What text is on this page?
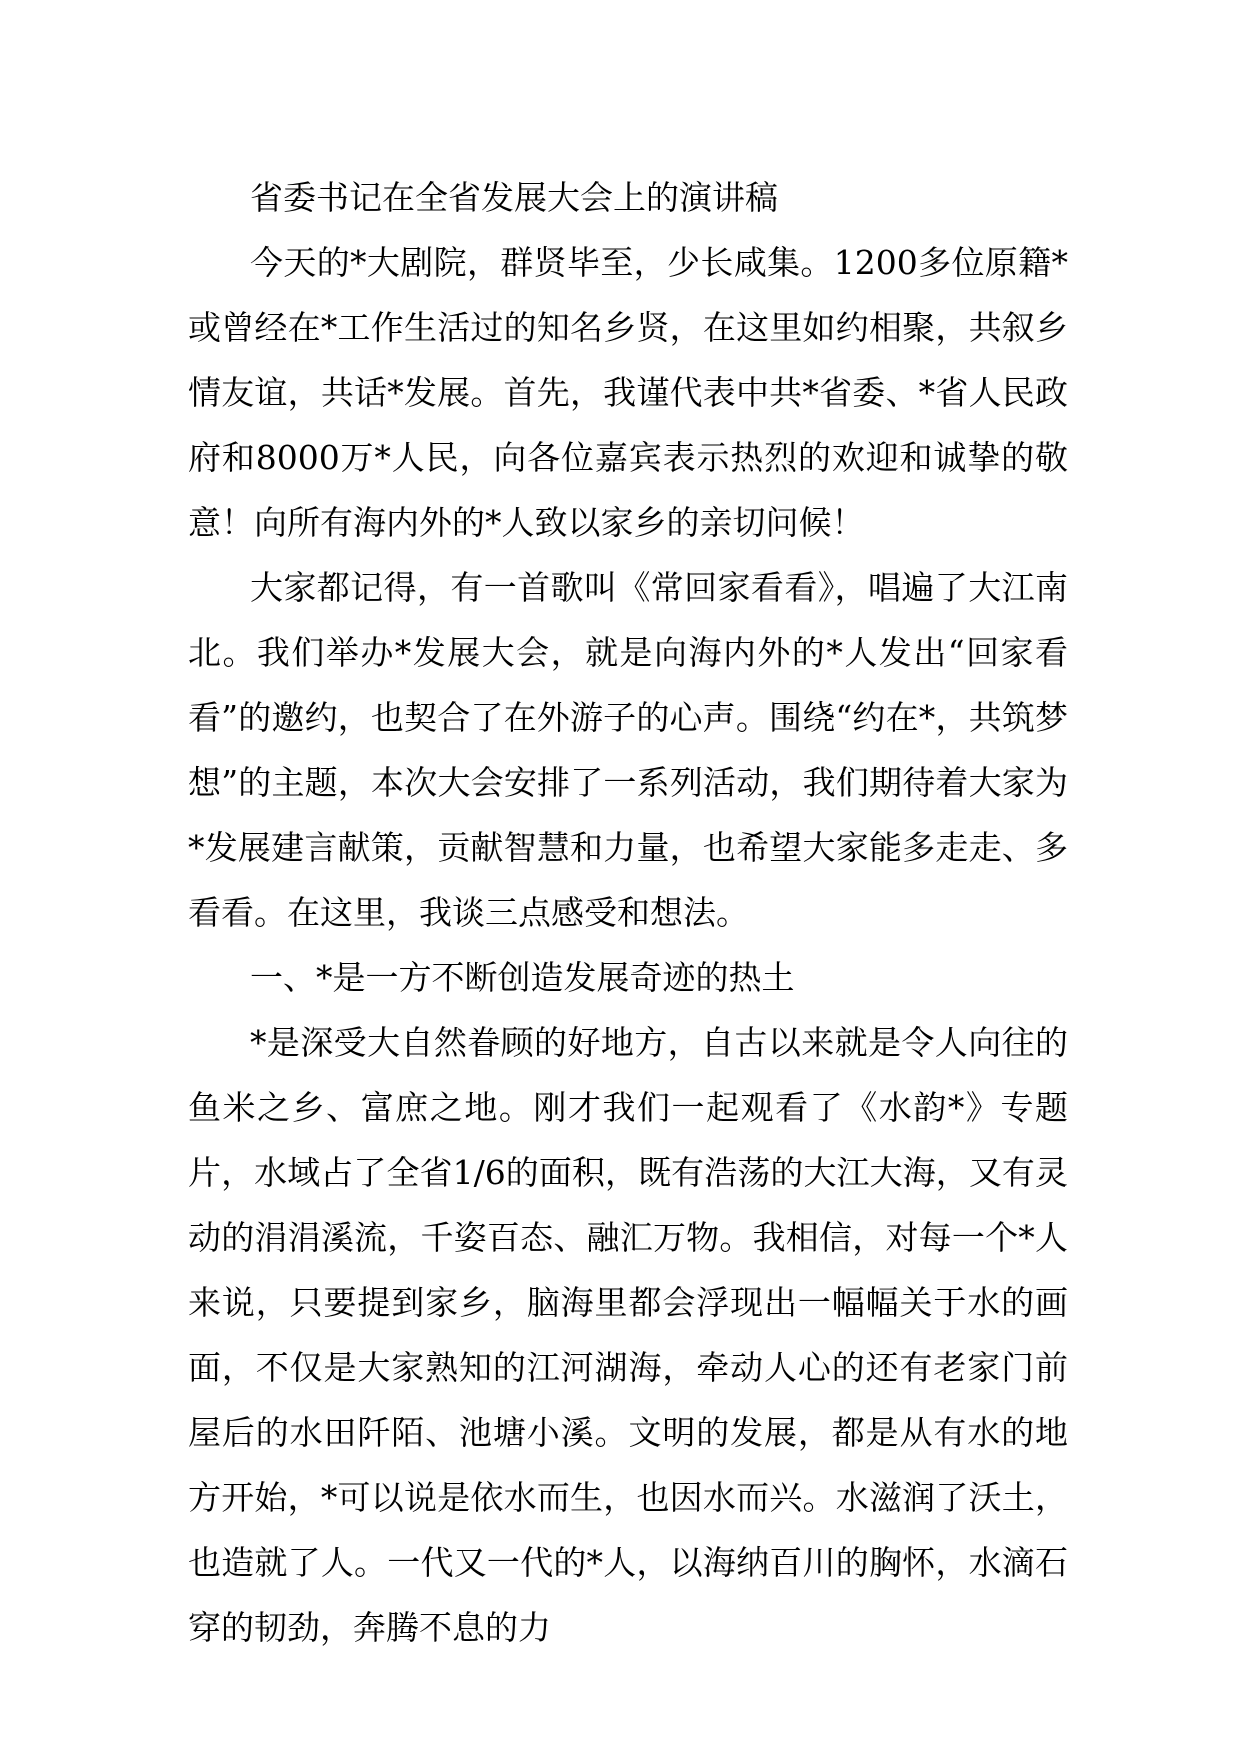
省委书记在全省发展大会上的演讲稿

今天的*大剧院，群贤毕至，少长咸集。1200多位原籍*或曾经在*工作生活过的知名乡贤，在这里如约相聚，共叙乡情友谊，共话*发展。首先，我谨代表中共*省委、*省人民政府和8000万*人民，向各位嘉宾表示热烈的欢迎和诚挚的敬意！向所有海内外的*人致以家乡的亲切问候！

大家都记得，有一首歌叫《常回家看看》，唱遍了大江南北。我们举办*发展大会，就是向海内外的*人发出“回家看看”的邀约，也契合了在外游子的心声。围绕“约在*，共筑梦想”的主题，本次大会安排了一系列活动，我们期待着大家为*发展建言献策，贡献智慧和力量，也希望大家能多走走、多看看。在这里，我谈三点感受和想法。

一、*是一方不断创造发展奇迹的热土

*是深受大自然眷顾的好地方，自古以来就是令人向往的鱼米之乡、富庶之地。刚才我们一起观看了《水韵*》专题片，水域占了全省1/6的面积，既有浩荡的大江大海，又有灵动的涓涓溪流，千姿百态、融汇万物。我相信，对每一个*人来说，只要提到家乡，脑海里都会浮现出一幅幅关于水的画面，不仅是大家熟知的江河湖海，牵动人心的还有老家门前屋后的水田阡陌、池塘小溪。文明的发展，都是从有水的地方开始，*可以说是依水而生，也因水而兴。水滋润了沃土，也造就了人。一代又一代的*人，以海纳百川的胸怀，水滴石穿的韧劲，奔腾不息的力
